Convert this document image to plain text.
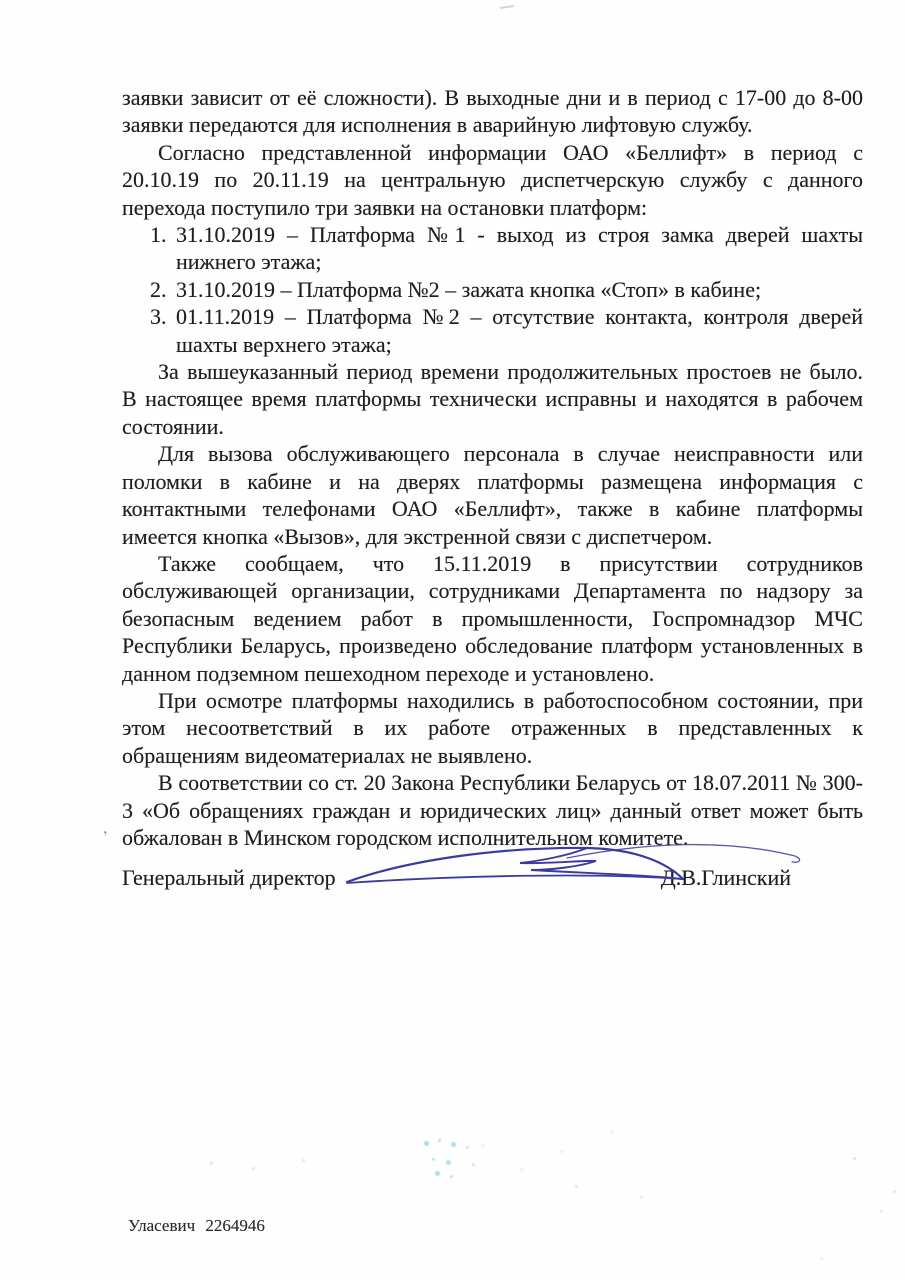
,

заявки зависит от её сложности). В выходные дни и в период с 17-00 до 8-00 заявки передаются для исполнения в аварийную лифтовую службу.

Согласно представленной информации ОАО «Беллифт» в период с 20.10.19 по 20.11.19 на центральную диспетчерскую службу с данного перехода поступило три заявки на остановки платформ:

1. 31.10.2019 – Платформа №1 - выход из строя замка дверей шахты нижнего этажа;
2. 31.10.2019 – Платформа №2 – зажата кнопка «Стоп» в кабине;
3. 01.11.2019 – Платформа №2 – отсутствие контакта, контроля дверей шахты верхнего этажа;

За вышеуказанный период времени продолжительных простоев не было. В настоящее время платформы технически исправны и находятся в рабочем состоянии.

Для вызова обслуживающего персонала в случае неисправности или поломки в кабине и на дверях платформы размещена информация с контактными телефонами ОАО «Беллифт», также в кабине платформы имеется кнопка «Вызов», для экстренной связи с диспетчером.

Также сообщаем, что 15.11.2019 в присутствии сотрудников обслуживающей организации, сотрудниками Департамента по надзору за безопасным ведением работ в промышленности, Госпромнадзор МЧС Республики Беларусь, произведено обследование платформ установленных в данном подземном пешеходном переходе и установлено.

При осмотре платформы находились в работоспособном состоянии, при этом несоответствий в их работе отраженных в представленных к обращениям видеоматериалах не выявлено.

В соответствии со ст. 20 Закона Республики Беларусь от 18.07.2011 № 300-3 «Об обращениях граждан и юридических лиц» данный ответ может быть обжалован в Минском городском исполнительном комитете.

Генеральный директор	Д.В.Глинский
Уласевич 2264946
